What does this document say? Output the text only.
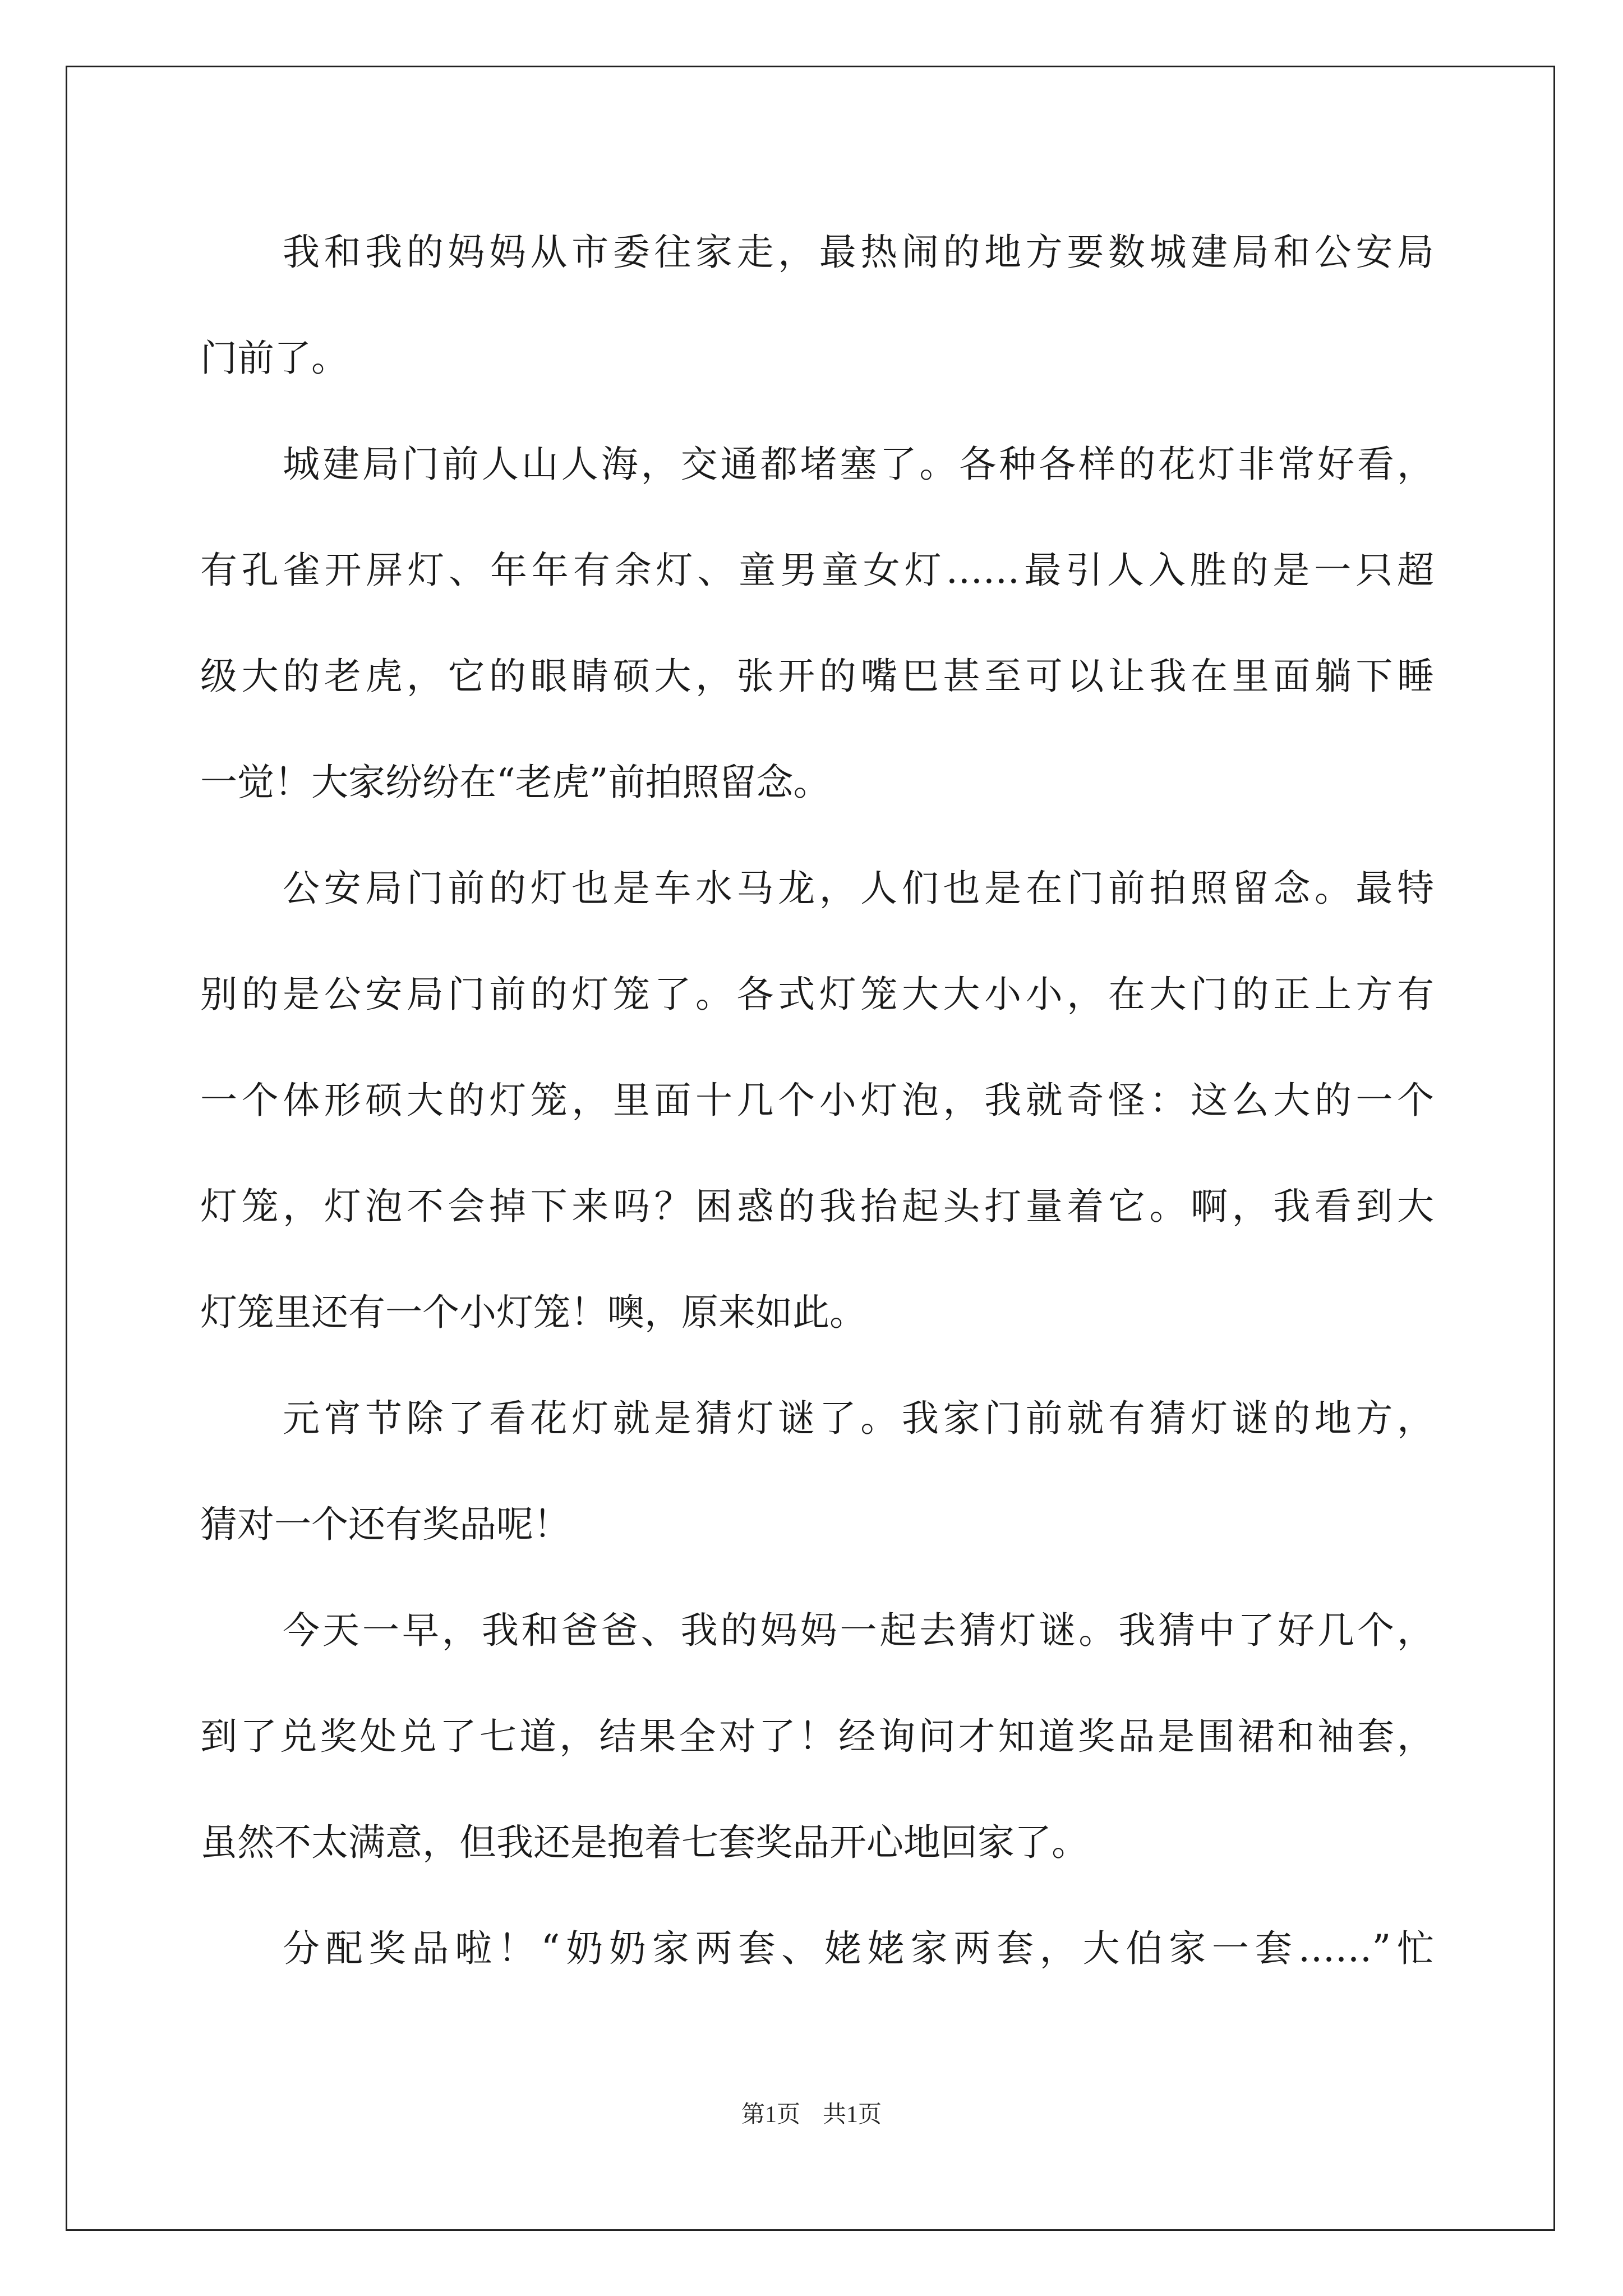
我和我的妈妈从市委往家走，最热闹的地方要数城建局和公安局
门前了。
城建局门前人山人海，交通都堵塞了。各种各样的花灯非常好看，
有孔雀开屏灯、年年有余灯、童男童女灯……最引人入胜的是一只超
级大的老虎，它的眼睛硕大，张开的嘴巴甚至可以让我在里面躺下睡
一觉！大家纷纷在“老虎”前拍照留念。
公安局门前的灯也是车水马龙，人们也是在门前拍照留念。最特
别的是公安局门前的灯笼了。各式灯笼大大小小，在大门的正上方有
一个体形硕大的灯笼，里面十几个小灯泡，我就奇怪：这么大的一个
灯笼，灯泡不会掉下来吗？困惑的我抬起头打量着它。啊，我看到大
灯笼里还有一个小灯笼！噢，原来如此。
元宵节除了看花灯就是猜灯谜了。我家门前就有猜灯谜的地方，
猜对一个还有奖品呢！
今天一早，我和爸爸、我的妈妈一起去猜灯谜。我猜中了好几个，
到了兑奖处兑了七道，结果全对了！经询问才知道奖品是围裙和袖套，
虽然不太满意，但我还是抱着七套奖品开心地回家了。
分配奖品啦！“奶奶家两套、姥姥家两套，大伯家一套……”忙
第1页 共1页
